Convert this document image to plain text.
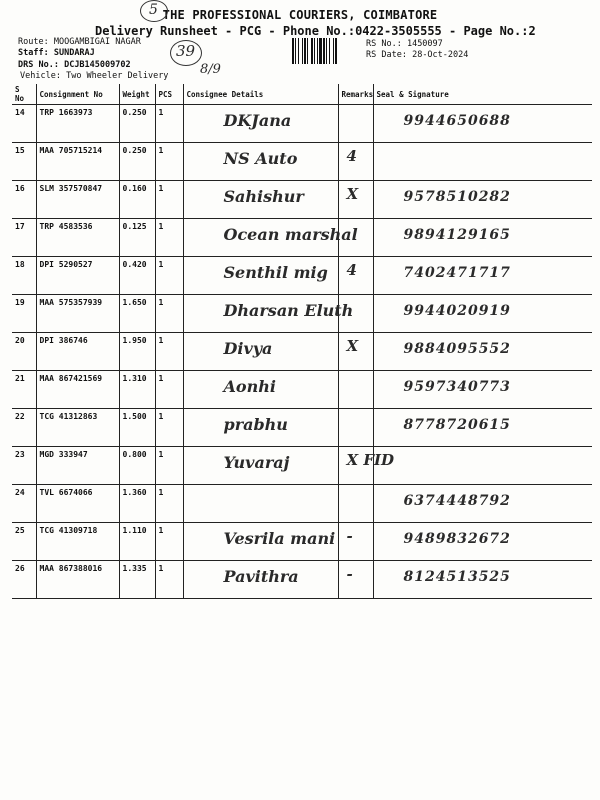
THE PROFESSIONAL COURIERS, COIMBATORE
Delivery Runsheet - PCG - Phone No.:0422-3505555 - Page No.:2
5
Route: MOOGAMBIGAI NAGAR
Staff: SUNDARAJ
DRS No.: DCJB145009702
Vehicle: Two Wheeler Delivery
RS No.: 1450097
RS Date: 28-Oct-2024
39
8/9
S No	Consignment No	Weight	PCS	Consignee Details	Remarks	Seal & Signature
14	TRP 1663973	0.250	1	DKJana		9944650688

15	MAA 705715214	0.250	1	NS Auto	4	

16	SLM 357570847	0.160	1	Sahishur	X	9578510282

17	TRP 4583536	0.125	1	Ocean marshal		9894129165

18	DPI 5290527	0.420	1	Senthil mig	4	7402471717

19	MAA 575357939	1.650	1	Dharsan Eluth		9944020919

20	DPI 386746	1.950	1	Divya	X	9884095552

21	MAA 867421569	1.310	1	Aonhi		9597340773

22	TCG 41312863	1.500	1	prabhu		8778720615

23	MGD 333947	0.800	1	Yuvaraj	X FID	

24	TVL 6674066	1.360	1			6374448792

25	TCG 41309718	1.110	1	Vesrila mani	-	9489832672

26	MAA 867388016	1.335	1	Pavithra	-	8124513525
